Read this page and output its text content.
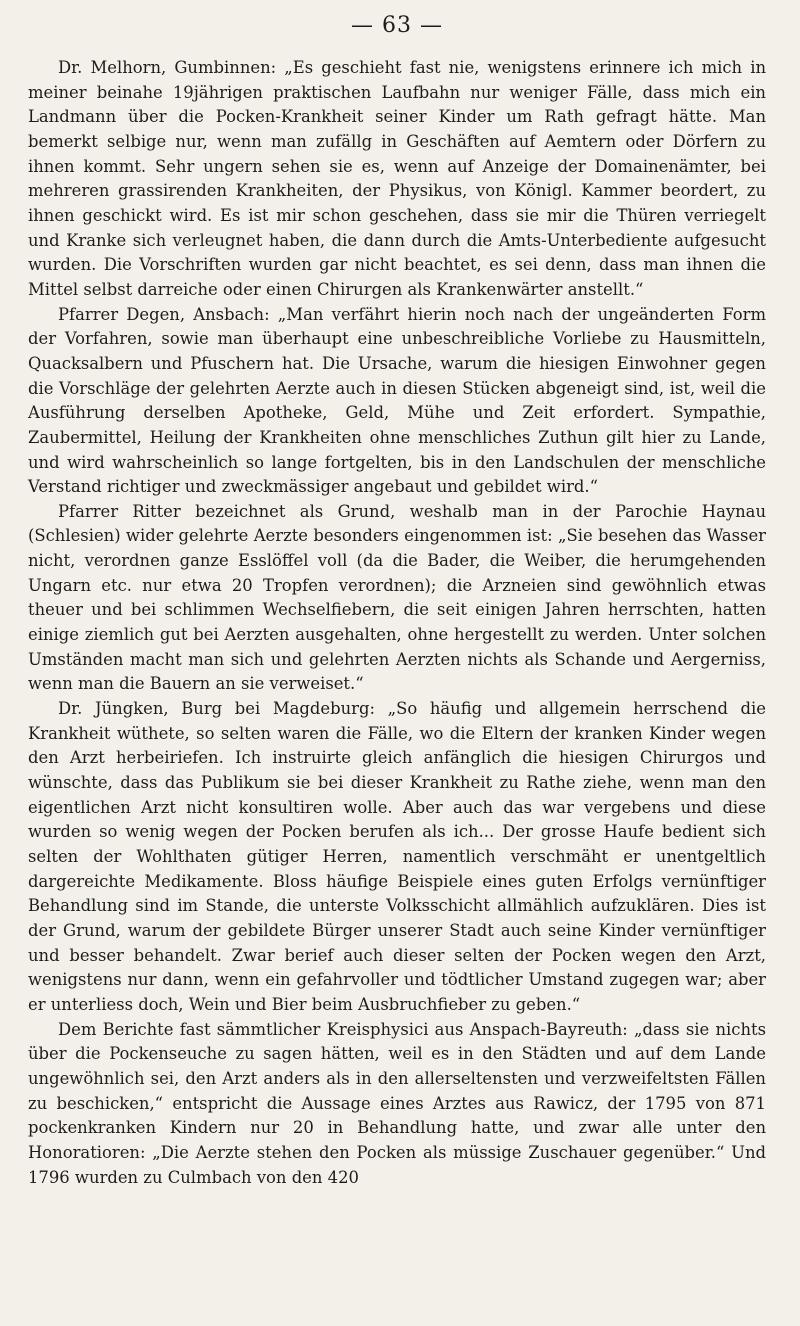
— 63 —

Dr. Melhorn, Gumbinnen: „Es geschieht fast nie, wenigstens erinnere ich mich in meiner beinahe 19jährigen praktischen Laufbahn nur weniger Fälle, dass mich ein Landmann über die Pocken-Krankheit seiner Kinder um Rath gefragt hätte. Man bemerkt selbige nur, wenn man zufällg in Geschäften auf Aemtern oder Dörfern zu ihnen kommt. Sehr ungern sehen sie es, wenn auf Anzeige der Domainenämter, bei mehreren grassirenden Krankheiten, der Physikus, von Königl. Kammer beordert, zu ihnen geschickt wird. Es ist mir schon geschehen, dass sie mir die Thüren verriegelt und Kranke sich verleugnet haben, die dann durch die Amts-Unterbediente aufgesucht wurden. Die Vorschriften wurden gar nicht beachtet, es sei denn, dass man ihnen die Mittel selbst darreiche oder einen Chirurgen als Krankenwärter anstellt.“

Pfarrer Degen, Ansbach: „Man verfährt hierin noch nach der ungeänderten Form der Vorfahren, sowie man überhaupt eine unbeschreibliche Vorliebe zu Hausmitteln, Quacksalbern und Pfuschern hat. Die Ursache, warum die hiesigen Einwohner gegen die Vorschläge der gelehrten Aerzte auch in diesen Stücken abgeneigt sind, ist, weil die Ausführung derselben Apotheke, Geld, Mühe und Zeit erfordert. Sympathie, Zaubermittel, Heilung der Krankheiten ohne menschliches Zuthun gilt hier zu Lande, und wird wahrscheinlich so lange fortgelten, bis in den Landschulen der menschliche Verstand richtiger und zweckmässiger angebaut und gebildet wird.“

Pfarrer Ritter bezeichnet als Grund, weshalb man in der Parochie Haynau (Schlesien) wider gelehrte Aerzte besonders eingenommen ist: „Sie besehen das Wasser nicht, verordnen ganze Esslöffel voll (da die Bader, die Weiber, die herumgehenden Ungarn etc. nur etwa 20 Tropfen verordnen); die Arzneien sind gewöhnlich etwas theuer und bei schlimmen Wechselfiebern, die seit einigen Jahren herrschten, hatten einige ziemlich gut bei Aerzten ausgehalten, ohne hergestellt zu werden. Unter solchen Umständen macht man sich und gelehrten Aerzten nichts als Schande und Aergerniss, wenn man die Bauern an sie verweiset.“

Dr. Jüngken, Burg bei Magdeburg: „So häufig und allgemein herrschend die Krankheit wüthete, so selten waren die Fälle, wo die Eltern der kranken Kinder wegen den Arzt herbeiriefen. Ich instruirte gleich anfänglich die hiesigen Chirurgos und wünschte, dass das Publikum sie bei dieser Krankheit zu Rathe ziehe, wenn man den eigentlichen Arzt nicht konsultiren wolle. Aber auch das war vergebens und diese wurden so wenig wegen der Pocken berufen als ich... Der grosse Haufe bedient sich selten der Wohlthaten gütiger Herren, namentlich verschmäht er unentgeltlich dargereichte Medikamente. Bloss häufige Beispiele eines guten Erfolgs vernünftiger Behandlung sind im Stande, die unterste Volksschicht allmählich aufzuklären. Dies ist der Grund, warum der gebildete Bürger unserer Stadt auch seine Kinder vernünftiger und besser behandelt. Zwar berief auch dieser selten der Pocken wegen den Arzt, wenigstens nur dann, wenn ein gefahrvoller und tödtlicher Umstand zugegen war; aber er unterliess doch, Wein und Bier beim Ausbruchfieber zu geben.“

Dem Berichte fast sämmtlicher Kreisphysici aus Anspach-Bayreuth: „dass sie nichts über die Pockenseuche zu sagen hätten, weil es in den Städten und auf dem Lande ungewöhnlich sei, den Arzt anders als in den allerseltensten und verzweifeltsten Fällen zu beschicken,“ entspricht die Aussage eines Arztes aus Rawicz, der 1795 von 871 pockenkranken Kindern nur 20 in Behandlung hatte, und zwar alle unter den Honoratioren: „Die Aerzte stehen den Pocken als müssige Zuschauer gegenüber.“ Und 1796 wurden zu Culmbach von den 420
